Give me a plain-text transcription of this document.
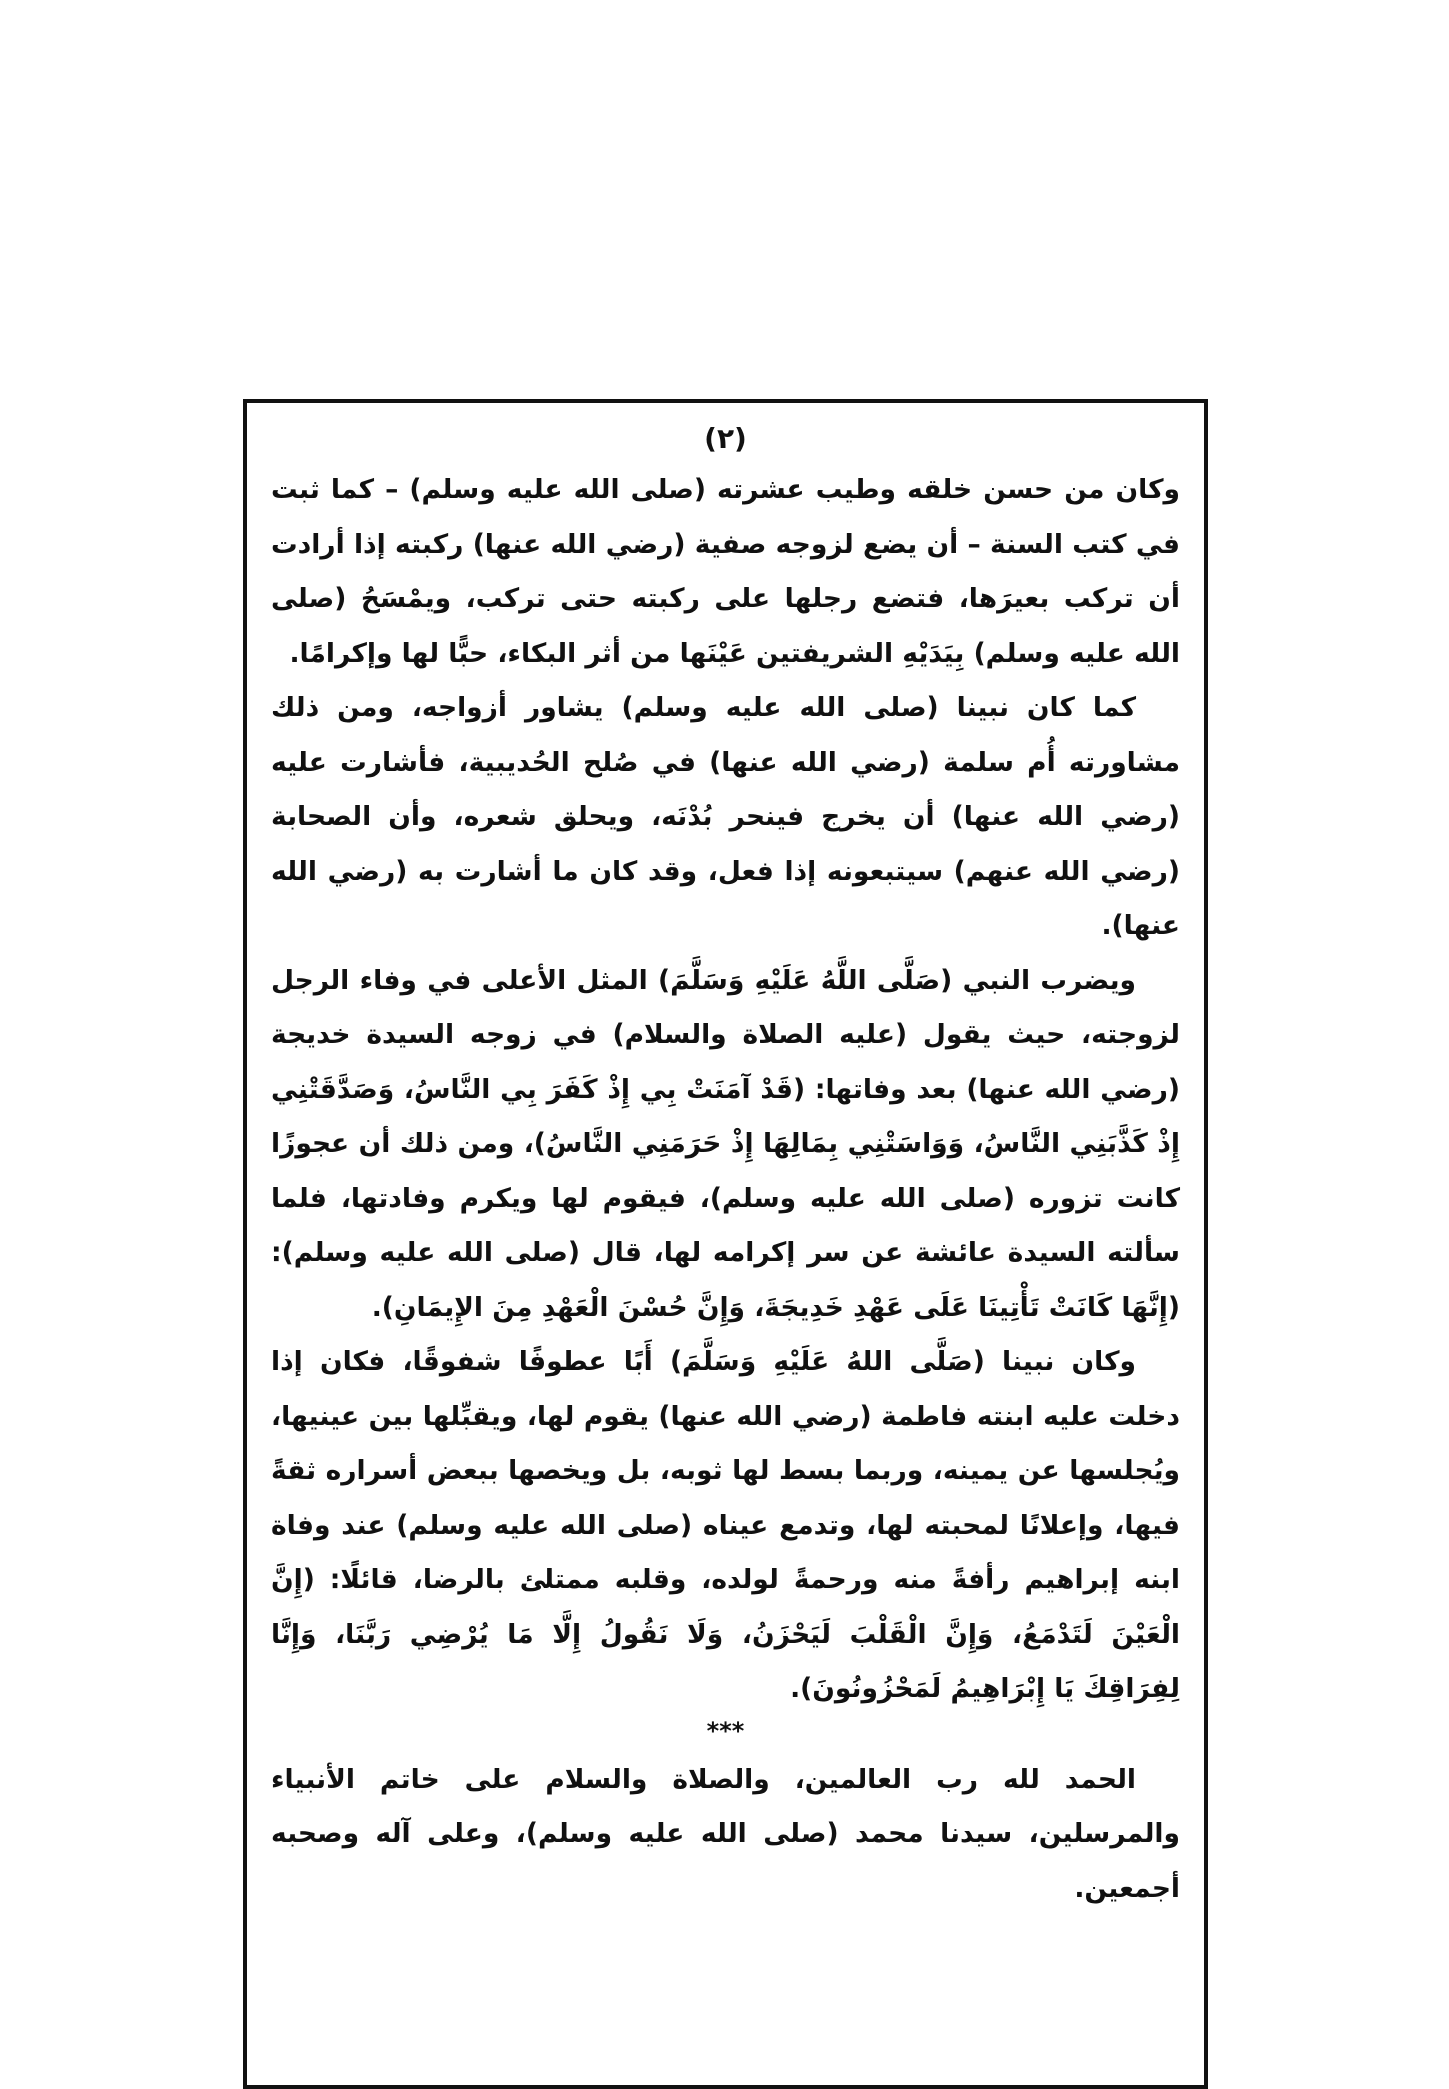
(٢)

وكان من حسن خلقه وطيب عشرته (صلى الله عليه وسلم) – كما ثبت في كتب السنة – أن يضع لزوجه صفية (رضي الله عنها) ركبته إذا أرادت أن تركب بعيرَها، فتضع رجلها على ركبته حتى تركب، ويمْسَحُ (صلى الله عليه وسلم) بِيَدَيْهِ الشريفتين عَيْنَها من أثر البكاء، حبًّا لها وإكرامًا.

كما كان نبينا (صلى الله عليه وسلم) يشاور أزواجه، ومن ذلك مشاورته أُم سلمة (رضي الله عنها) في صُلح الحُديبية، فأشارت عليه (رضي الله عنها) أن يخرج فينحر بُدْنَه، ويحلق شعره، وأن الصحابة (رضي الله عنهم) سيتبعونه إذا فعل، وقد كان ما أشارت به (رضي الله عنها).

ويضرب النبي (صَلَّى اللَّهُ عَلَيْهِ وَسَلَّمَ) المثل الأعلى في وفاء الرجل لزوجته، حيث يقول (عليه الصلاة والسلام) في زوجه السيدة خديجة (رضي الله عنها) بعد وفاتها: (قَدْ آمَنَتْ بِي إِذْ كَفَرَ بِي النَّاسُ، وَصَدَّقَتْنِي إِذْ كَذَّبَنِي النَّاسُ، وَوَاسَتْنِي بِمَالِهَا إِذْ حَرَمَنِي النَّاسُ)، ومن ذلك أن عجوزًا كانت تزوره (صلى الله عليه وسلم)، فيقوم لها ويكرم وفادتها، فلما سألته السيدة عائشة عن سر إكرامه لها، قال (صلى الله عليه وسلم): (إِنَّهَا كَانَتْ تَأْتِينَا عَلَى عَهْدِ خَدِيجَةَ، وَإِنَّ حُسْنَ الْعَهْدِ مِنَ الإِيمَانِ).

وكان نبينا (صَلَّى اللهُ عَلَيْهِ وَسَلَّمَ) أَبًا عطوفًا شفوقًا، فكان إذا دخلت عليه ابنته فاطمة (رضي الله عنها) يقوم لها، ويقبِّلها بين عينيها، ويُجلسها عن يمينه، وربما بسط لها ثوبه، بل ويخصها ببعض أسراره ثقةً فيها، وإعلانًا لمحبته لها، وتدمع عيناه (صلى الله عليه وسلم) عند وفاة ابنه إبراهيم رأفةً منه ورحمةً لولده، وقلبه ممتلئ بالرضا، قائلًا: (إِنَّ الْعَيْنَ لَتَدْمَعُ، وَإِنَّ الْقَلْبَ لَيَحْزَنُ، وَلَا نَقُولُ إِلَّا مَا يُرْضِي رَبَّنَا، وَإِنَّا لِفِرَاقِكَ يَا إِبْرَاهِيمُ لَمَحْزُونُونَ).

***

الحمد لله رب العالمين، والصلاة والسلام على خاتم الأنبياء والمرسلين، سيدنا محمد (صلى الله عليه وسلم)، وعلى آله وصحبه أجمعين.
